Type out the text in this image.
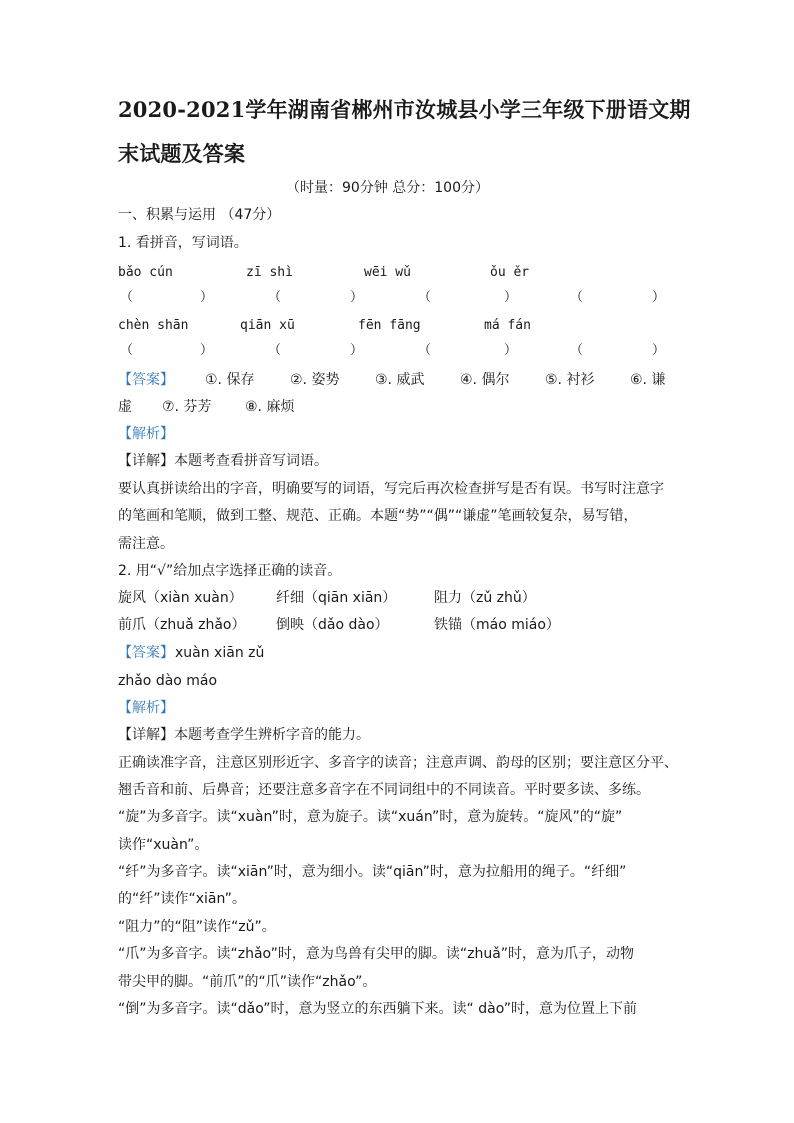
2020-2021学年湖南省郴州市汝城县小学三年级下册语文期
末试题及答案
（时量：90分钟 总分：100分）
一、积累与运用 （47分）
1. 看拼音，写词语。
bǎo cún	zī shì	wēi wǔ	ǒu ěr
（	）	（	）	（	）	（	）
chèn shān	qiān xū	fēn fāng	má fán
（	）	（	）	（	）	（	）
【答案】 ①. 保存	②. 姿势	③. 威武	④. 偶尔	⑤. 衬衫	⑥. 谦
虚 ⑦. 芬芳 ⑧. 麻烦
【解析】
【详解】本题考查看拼音写词语。
要认真拼读给出的字音，明确要写的词语，写完后再次检查拼写是否有误。书写时注意字
的笔画和笔顺，做到工整、规范、正确。本题“势”“偶”“谦虚”笔画较复杂，易写错，
需注意。
2. 用“√”给加点字选择正确的读音。
旋风（xiàn xuàn） 纤细（qiān xiān）	阻力（zǔ zhǔ）
前爪（zhuǎ zhǎo） 倒映（dǎo dào）	铁锚（máo miáo）
【答案】 xuàn xiān zǔ
zhǎo dào máo
【解析】
【详解】本题考查学生辨析字音的能力。
正确读准字音，注意区别形近字、多音字的读音；注意声调、韵母的区别；要注意区分平、
翘舌音和前、后鼻音；还要注意多音字在不同词组中的不同读音。平时要多读、多练。
“旋”为多音字。读“xuàn”时，意为旋子。读“xuán”时，意为旋转。“旋风”的“旋”
读作“xuàn”。
“纤”为多音字。读“xiān”时，意为细小。读“qiān”时，意为拉船用的绳子。“纤细”
的“纤”读作“xiān”。
“阻力”的“阻”读作“zǔ”。
“爪”为多音字。读“zhǎo”时，意为鸟兽有尖甲的脚。读“zhuǎ”时，意为爪子，动物
带尖甲的脚。“前爪”的“爪”读作“zhǎo”。
“倒”为多音字。读“dǎo”时，意为竖立的东西躺下来。读“ dào”时，意为位置上下前
